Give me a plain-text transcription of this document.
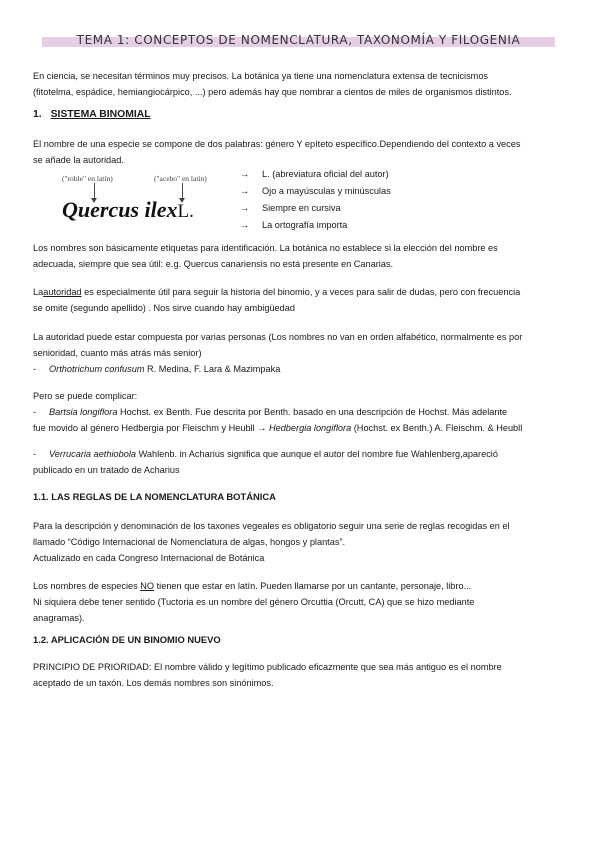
TEMA 1: CONCEPTOS DE NOMENCLATURA, TAXONOMÍA Y FILOGENIA

En ciencia, se necesitan términos muy precisos. La botánica ya tiene una nomenclatura extensa de tecnicismos

(fitotelma, espádice, hemiangiocárpico, ...) pero además hay que nombrar a cientos de miles de organismos distintos.

1. SISTEMA BINOMIAL

El nombre de una especie se compone de dos palabras: género Y epíteto específico.Dependiendo del contexto a veces

se añade la autoridad.

("roble" en latín)	("acebo" en latín)
Quercus ilexL.
→ L. (abreviatura oficial del autor)
→ Ojo a mayúsculas y minúsculas
→ Siempre en cursiva
→ La ortografía importa

Los nombres son básicamente etiquetas para identificación. La botánica no establece si la elección del nombre es

adecuada, siempre que sea útil: e.g. Quercus canariensis no está presente en Canarias.

Laautoridad es especialmente útil para seguir la historia del binomio, y a veces para salir de dudas, pero con frecuencia

se omite (segundo apellido) . Nos sirve cuando hay ambigüedad

La autoridad puede estar compuesta por varias personas (Los nombres no van en orden alfabético, normalmente es por

senioridad, cuanto más atrás más senior)

- Orthotrichum confusum R. Medina, F. Lara & Mazimpaka

Pero se puede complicar:

- Bartsia longiflora Hochst. ex Benth. Fue descrita por Benth. basado en una descripción de Hochst. Más adelante

fue movido al género Hedbergia por Fleischm y Heubll → Hedbergia longiflora (Hochst. ex Benth.) A. Fleischm. & Heubll

- Verrucaria aethiobola Wahlenb. in Acharius significa que aunque el autor del nombre fue Wahlenberg,apareció

publicado en un tratado de Acharius

1.1. LAS REGLAS DE LA NOMENCLATURA BOTÁNICA

Para la descripción y denominación de los taxones vegeales es obligatorio seguir una serie de reglas recogidas en el

llamado “Código Internacional de Nomenclatura de algas, hongos y plantas”.

Actualizado en cada Congreso Internacional de Botánica

Los nombres de especies NO tienen que estar en latín. Pueden llamarse por un cantante, personaje, libro...

Ni siquiera debe tener sentido (Tuctoria es un nombre del género Orcuttia (Orcutt, CA) que se hizo mediante

anagramas).

1.2. APLICACIÓN DE UN BINOMIO NUEVO

PRINCIPIO DE PRIORIDAD: El nombre válido y legítimo publicado eficazmente que sea más antiguo es el nombre

aceptado de un taxón. Los demás nombres son sinónimos.
